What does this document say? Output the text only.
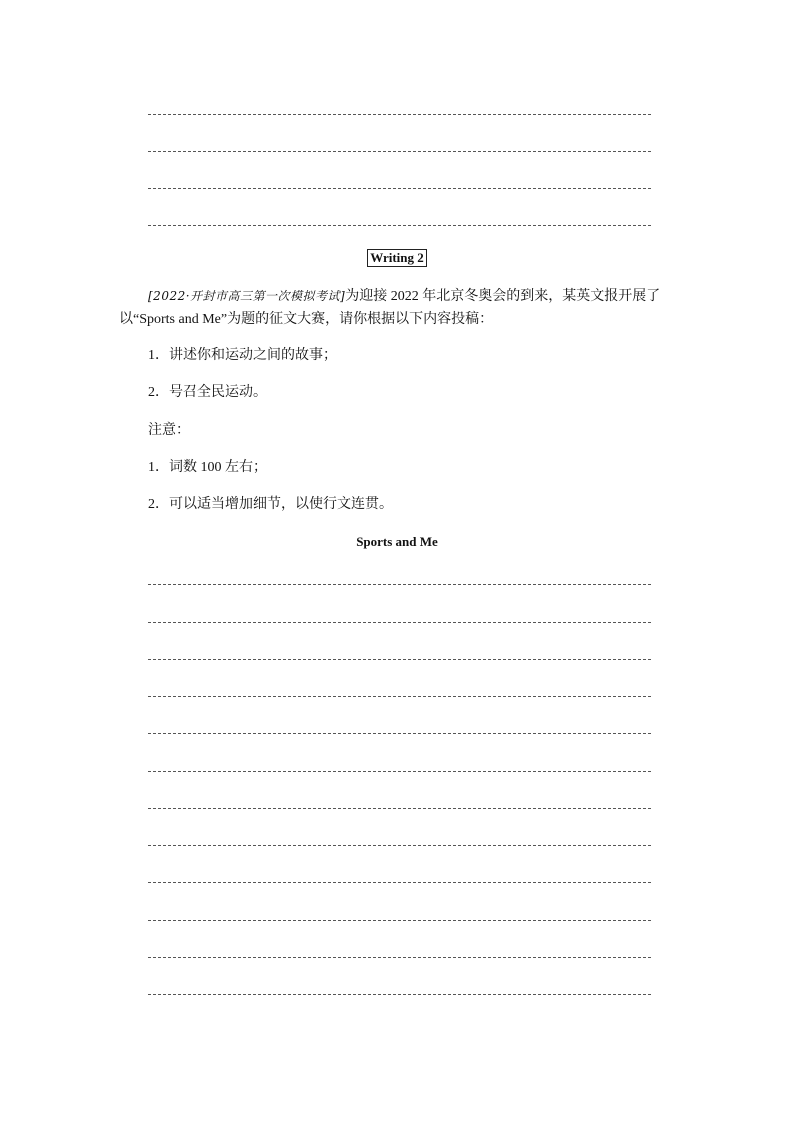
Writing 2
[2022·开封市高三第一次模拟考试]为迎接 2022 年北京冬奥会的到来，某英文报开展了
以“Sports and Me”为题的征文大赛，请你根据以下内容投稿：
1．讲述你和运动之间的故事；
2．号召全民运动。
注意：
1．词数 100 左右；
2．可以适当增加细节，以使行文连贯。
Sports and Me
